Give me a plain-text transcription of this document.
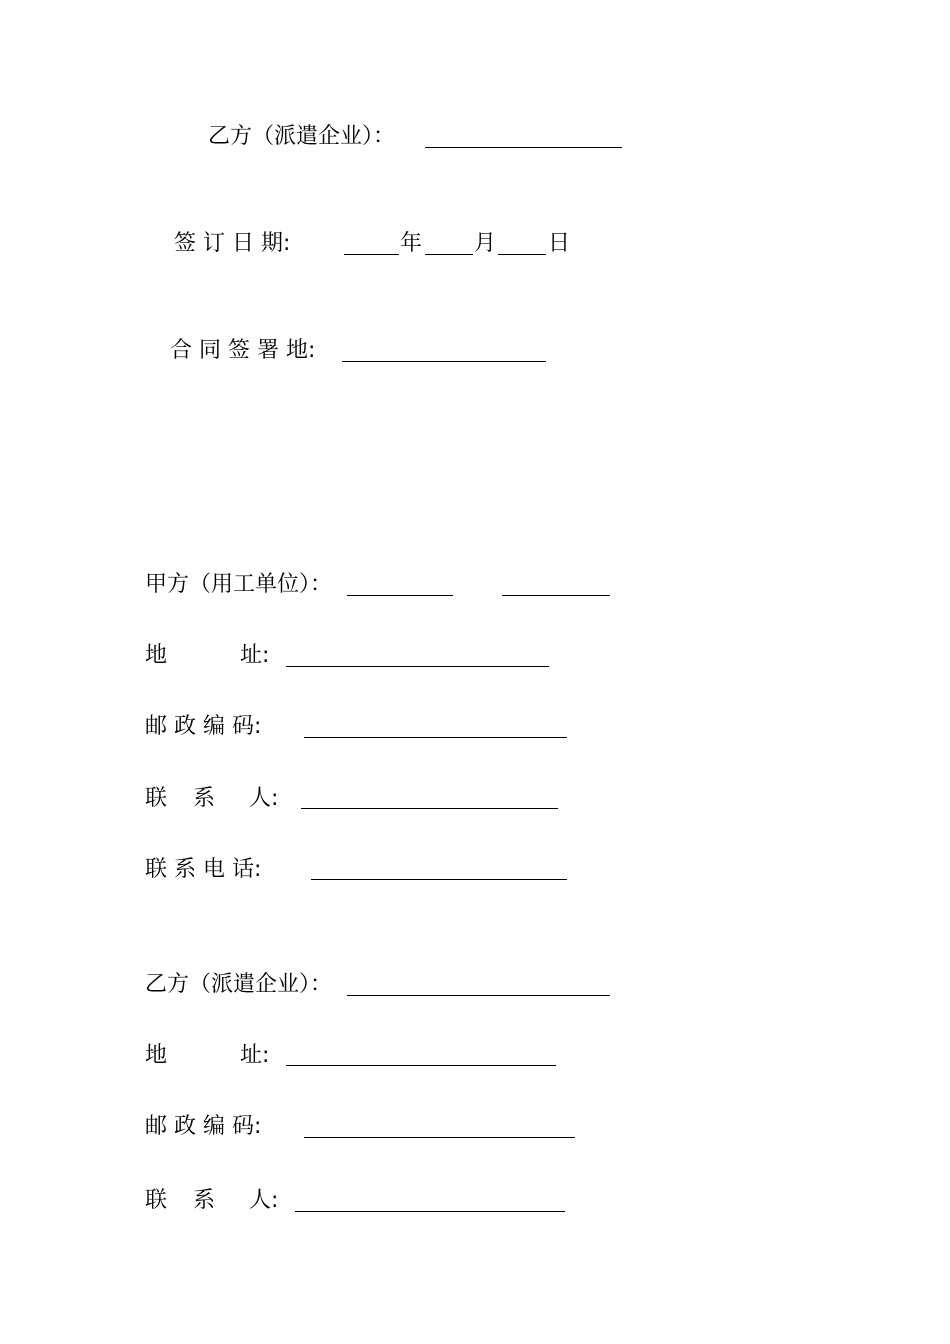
乙方（派遣企业）：
签 订 日 期:	年 月 日
合 同 签 署 地:
甲方（用工单位）：
地	址:
邮 政 编 码:
联 系 人:
联 系 电 话:
乙方（派遣企业）：
地	址:
邮 政 编 码:
联 系 人:
